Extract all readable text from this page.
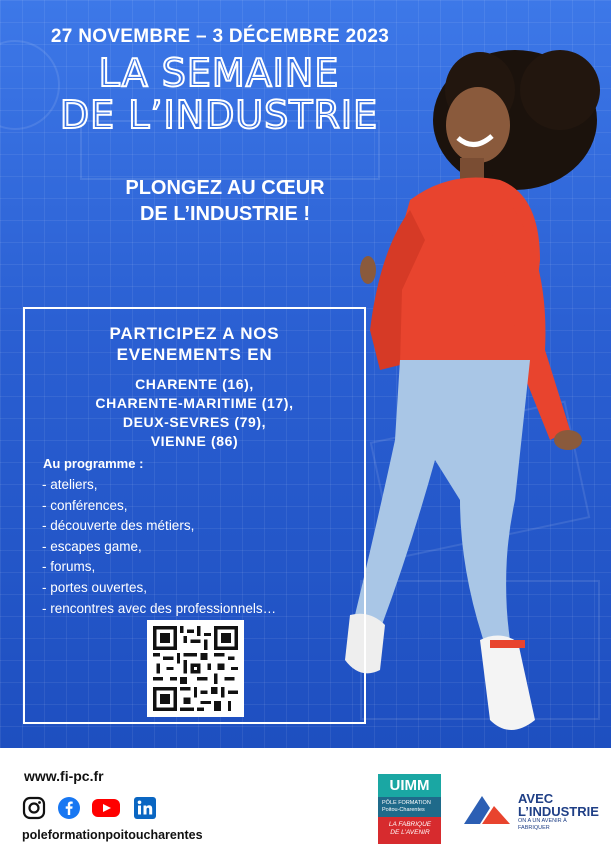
27 NOVEMBRE – 3 DÉCEMBRE 2023
LA SEMAINE
DE L’INDUSTRIE
PLONGEZ AU CŒUR
DE L’INDUSTRIE !
PARTICIPEZ A NOS
EVENEMENTS EN
CHARENTE (16),
CHARENTE-MARITIME (17),
DEUX-SEVRES (79),
VIENNE (86)
Au programme :
- ateliers,
- conférences,
- découverte des métiers,
- escapes game,
- forums,
- portes ouvertes,
- rencontres avec des professionnels…
www.fi-pc.fr
poleformationpoitoucharentes
UIMM
PÔLE FORMATION
Poitou-Charentes
LA FABRIQUE
DE L’AVENIR
AVEC
L’INDUSTRIE
ON A UN AVENIR À FABRIQUER
